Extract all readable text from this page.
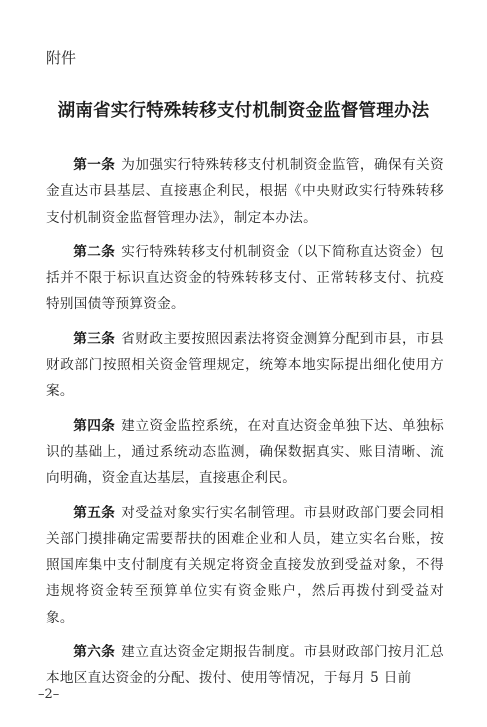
附件
湖南省实行特殊转移支付机制资金监督管理办法

第一条 为加强实行特殊转移支付机制资金监管，确保有关资金直达市县基层、直接惠企利民，根据《中央财政实行特殊转移支付机制资金监督管理办法》，制定本办法。

第二条 实行特殊转移支付机制资金（以下简称直达资金）包括并不限于标识直达资金的特殊转移支付、正常转移支付、抗疫特别国债等预算资金。

第三条 省财政主要按照因素法将资金测算分配到市县，市县财政部门按照相关资金管理规定，统筹本地实际提出细化使用方案。

第四条 建立资金监控系统，在对直达资金单独下达、单独标识的基础上，通过系统动态监测，确保数据真实、账目清晰、流向明确，资金直达基层，直接惠企利民。

第五条 对受益对象实行实名制管理。市县财政部门要会同相关部门摸排确定需要帮扶的困难企业和人员，建立实名台账，按照国库集中支付制度有关规定将资金直接发放到受益对象，不得违规将资金转至预算单位实有资金账户，然后再拨付到受益对象。

第六条 建立直达资金定期报告制度。市县财政部门按月汇总本地区直达资金的分配、拨付、使用等情况，于每月 5 日前

–2–
